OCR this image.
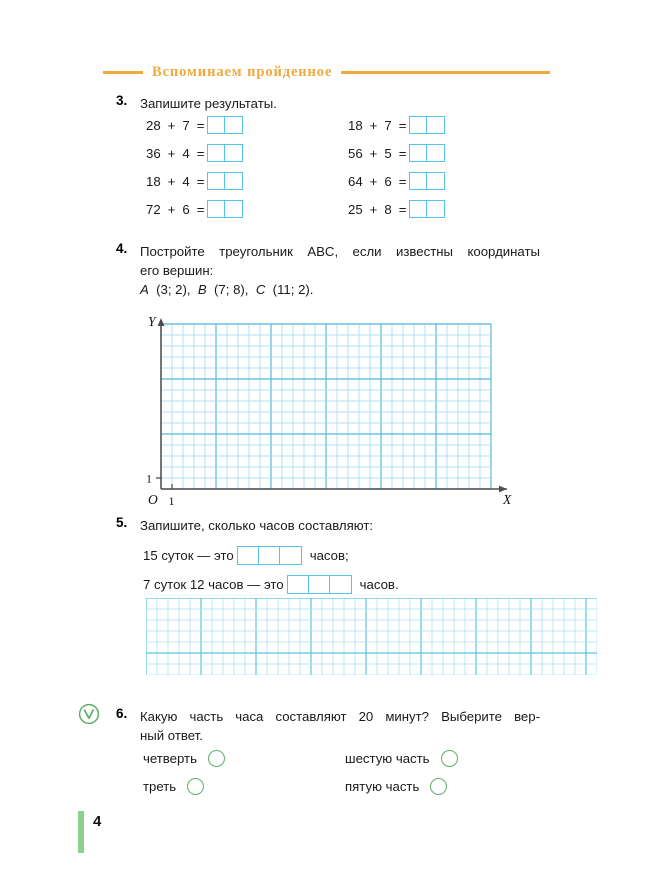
Вспоминаем пройденное
3. Запишите результаты.
28 + 7 =
36 + 4 =
18 + 4 =
72 + 6 =
18 + 7 =
56 + 5 =
64 + 6 =
25 + 8 =
4. Постройте треугольник ABC, если известны координаты
его вершин:
A (3; 2), B (7; 8), C (11; 2).
Y
X
O 1
1
5. Запишите, сколько часов составляют:
15 суток — это	часов;
7 суток 12 часов — это	часов.
6. Какую часть часа составляют 20 минут? Выберите вер-
ный ответ.
четверть	шестую часть
треть	пятую часть
4
